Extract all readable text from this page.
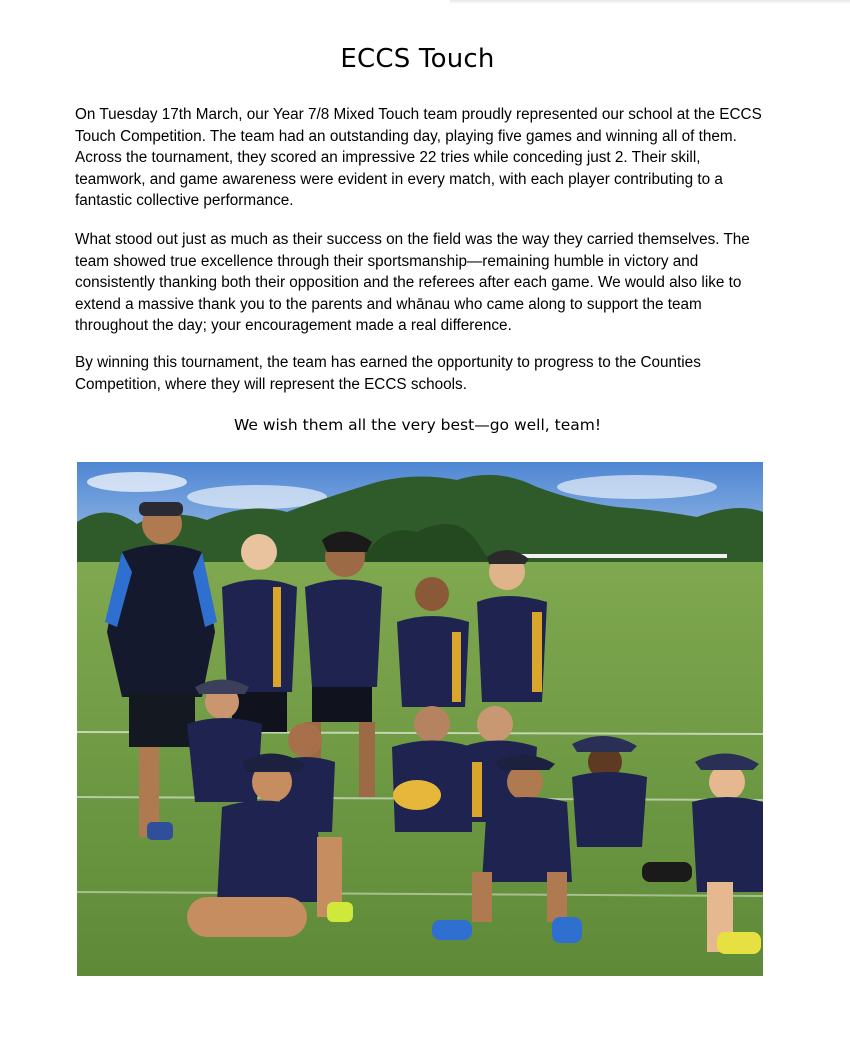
ECCS Touch

On Tuesday 17th March, our Year 7/8 Mixed Touch team proudly represented our school at the ECCS Touch Competition. The team had an outstanding day, playing five games and winning all of them. Across the tournament, they scored an impressive 22 tries while conceding just 2. Their skill, teamwork, and game awareness were evident in every match, with each player contributing to a fantastic collective performance.

What stood out just as much as their success on the field was the way they carried themselves. The team showed true excellence through their sportsmanship—remaining humble in victory and consistently thanking both their opposition and the referees after each game. We would also like to extend a massive thank you to the parents and whānau who came along to support the team throughout the day; your encouragement made a real difference.

By winning this tournament, the team has earned the opportunity to progress to the Counties Competition, where they will represent the ECCS schools.

We wish them all the very best—go well, team!
